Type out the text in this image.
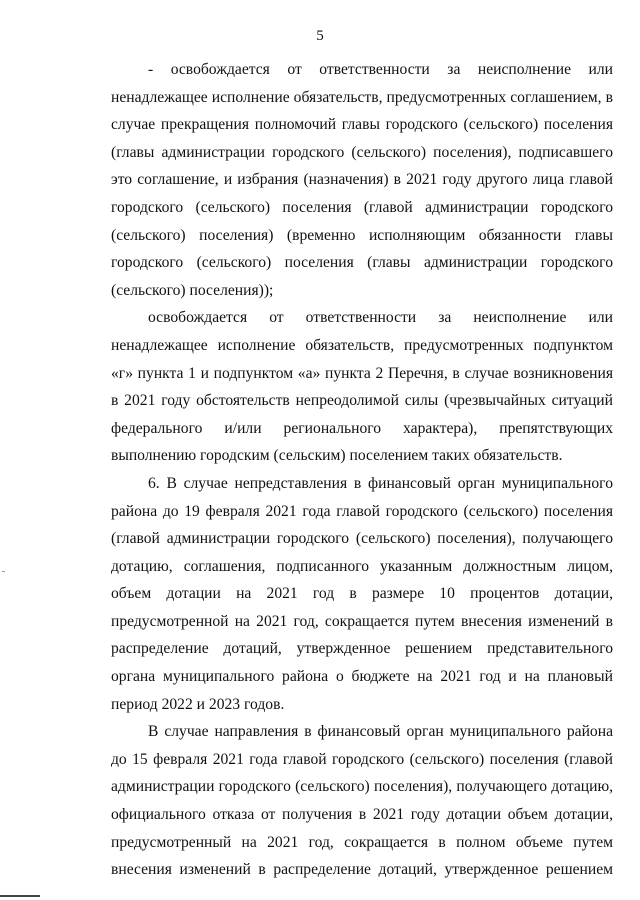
5

- освобождается от ответственности за неисполнение или ненадлежащее исполнение обязательств, предусмотренных соглашением, в случае прекращения полномочий главы городского (сельского) поселения (главы администрации городского (сельского) поселения), подписавшего это соглашение, и избрания (назначения) в 2021 году другого лица главой городского (сельского) поселения (главой администрации городского (сельского) поселения) (временно исполняющим обязанности главы городского (сельского) поселения (главы администрации городского (сельского) поселения));

освобождается от ответственности за неисполнение или ненадлежащее исполнение обязательств, предусмотренных подпунктом «г» пункта 1 и подпунктом «а» пункта 2 Перечня, в случае возникновения в 2021 году обстоятельств непреодолимой силы (чрезвычайных ситуаций федерального и/или регионального характера), препятствующих выполнению городским (сельским) поселением таких обязательств.

6. В случае непредставления в финансовый орган муниципального района до 19 февраля 2021 года главой городского (сельского) поселения (главой администрации городского (сельского) поселения), получающего дотацию, соглашения, подписанного указанным должностным лицом, объем дотации на 2021 год в размере 10 процентов дотации, предусмотренной на 2021 год, сокращается путем внесения изменений в распределение дотаций, утвержденное решением представительного органа муниципального района о бюджете на 2021 год и на плановый период 2022 и 2023 годов.

В случае направления в финансовый орган муниципального района до 15 февраля 2021 года главой городского (сельского) поселения (главой администрации городского (сельского) поселения), получающего дотацию, официального отказа от получения в 2021 году дотации объем дотации, предусмотренный на 2021 год, сокращается в полном объеме путем внесения изменений в распределение дотаций, утвержденное решением
